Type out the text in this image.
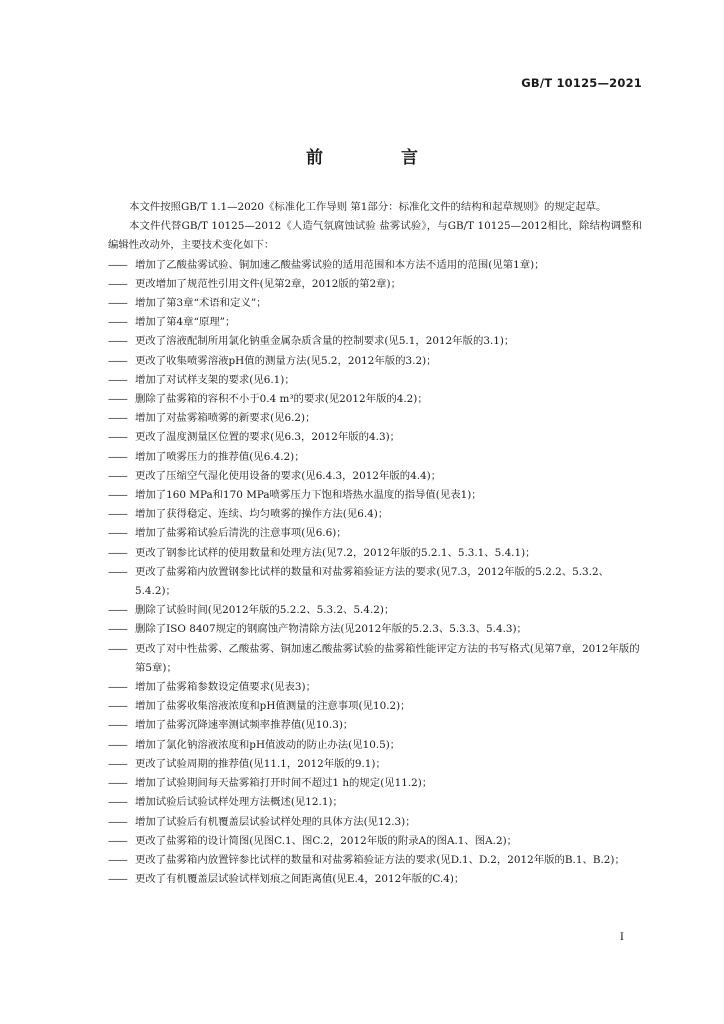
GB/T 10125—2021
前 言
本文件按照GB/T 1.1—2020《标准化工作导则 第1部分：标准化文件的结构和起草规则》的规定起草。
本文件代替GB/T 10125—2012《人造气氛腐蚀试验 盐雾试验》，与GB/T 10125—2012相比，除结构调整和编辑性改动外，主要技术变化如下：
—— 增加了乙酸盐雾试验、铜加速乙酸盐雾试验的适用范围和本方法不适用的范围(见第1章)；
—— 更改增加了规范性引用文件(见第2章，2012版的第2章)；
—— 增加了第3章“术语和定义”；
—— 增加了第4章“原理”；
—— 更改了溶液配制所用氯化钠重金属杂质含量的控制要求(见5.1，2012年版的3.1)；
—— 更改了收集喷雾溶液pH值的测量方法(见5.2，2012年版的3.2)；
—— 增加了对试样支架的要求(见6.1)；
—— 删除了盐雾箱的容积不小于0.4 m³的要求(见2012年版的4.2)；
—— 增加了对盐雾箱喷雾的新要求(见6.2)；
—— 更改了温度测量区位置的要求(见6.3，2012年版的4.3)；
—— 增加了喷雾压力的推荐值(见6.4.2)；
—— 更改了压缩空气湿化使用设备的要求(见6.4.3，2012年版的4.4)；
—— 增加了160 MPa和170 MPa喷雾压力下饱和塔热水温度的指导值(见表1)；
—— 增加了获得稳定、连续、均匀喷雾的操作方法(见6.4)；
—— 增加了盐雾箱试验后清洗的注意事项(见6.6)；
—— 更改了钢参比试样的使用数量和处理方法(见7.2，2012年版的5.2.1、5.3.1、5.4.1)；
—— 更改了盐雾箱内放置钢参比试样的数量和对盐雾箱验证方法的要求(见7.3，2012年版的5.2.2、5.3.2、5.4.2)；
—— 删除了试验时间(见2012年版的5.2.2、5.3.2、5.4.2)；
—— 删除了ISO 8407规定的钢腐蚀产物清除方法(见2012年版的5.2.3、5.3.3、5.4.3)；
—— 更改了对中性盐雾、乙酸盐雾、铜加速乙酸盐雾试验的盐雾箱性能评定方法的书写格式(见第7章，2012年版的第5章)；
—— 增加了盐雾箱参数设定值要求(见表3)；
—— 增加了盐雾收集溶液浓度和pH值测量的注意事项(见10.2)；
—— 增加了盐雾沉降速率测试频率推荐值(见10.3)；
—— 增加了氯化钠溶液浓度和pH值波动的防止办法(见10.5)；
—— 更改了试验周期的推荐值(见11.1，2012年版的9.1)；
—— 增加了试验期间每天盐雾箱打开时间不超过1 h的规定(见11.2)；
—— 增加试验后试验试样处理方法概述(见12.1)；
—— 增加了试验后有机覆盖层试验试样处理的具体方法(见12.3)；
—— 更改了盐雾箱的设计简图(见图C.1、图C.2，2012年版的附录A的图A.1、图A.2)；
—— 更改了盐雾箱内放置锌参比试样的数量和对盐雾箱验证方法的要求(见D.1、D.2，2012年版的B.1、B.2)；
—— 更改了有机覆盖层试验试样划痕之间距离值(见E.4，2012年版的C.4)；
I
